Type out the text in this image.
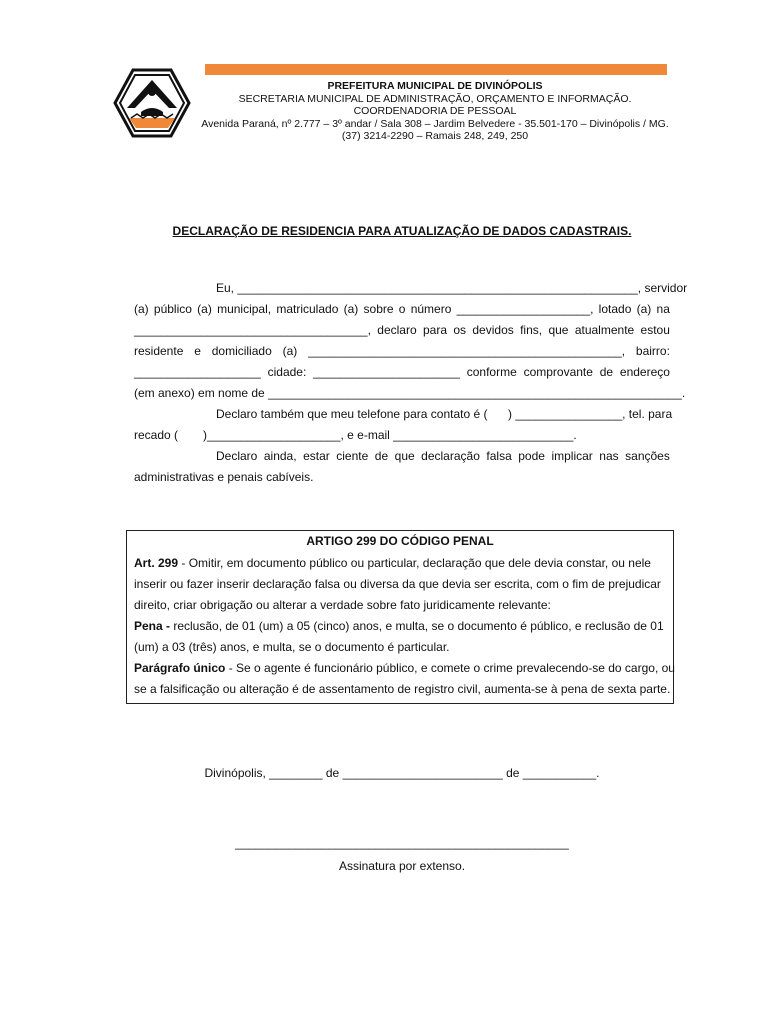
PREFEITURA MUNICIPAL DE DIVINÓPOLIS
SECRETARIA MUNICIPAL DE ADMINISTRAÇÃO, ORÇAMENTO E INFORMAÇÃO.
COORDENADORIA DE PESSOAL
Avenida Paraná, nº 2.777 – 3º andar / Sala 308 – Jardim Belvedere - 35.501-170 – Divinópolis / MG.
(37) 3214-2290 – Ramais 248, 249, 250
DECLARAÇÃO DE RESIDENCIA PARA ATUALIZAÇÃO DE DADOS CADASTRAIS.
Eu, ____________________________________________________________, servidor
(a) público (a) municipal, matriculado (a) sobre o número ____________________, lotado (a) na
___________________________________, declaro para os devidos fins, que atualmente estou
residente e domiciliado (a) _______________________________________________, bairro:
___________________ cidade: ______________________ conforme comprovante de endereço
(em anexo) em nome de ______________________________________________________________.
Declaro também que meu telefone para contato é ( ) ________________, tel. para
recado ( )____________________, e e-mail ___________________________.
Declaro ainda, estar ciente de que declaração falsa pode implicar nas sanções
administrativas e penais cabíveis.
ARTIGO 299 DO CÓDIGO PENAL
Art. 299 - Omitir, em documento público ou particular, declaração que dele devia constar, ou nele
inserir ou fazer inserir declaração falsa ou diversa da que devia ser escrita, com o fim de prejudicar
direito, criar obrigação ou alterar a verdade sobre fato juridicamente relevante:
Pena - reclusão, de 01 (um) a 05 (cinco) anos, e multa, se o documento é público, e reclusão de 01
(um) a 03 (três) anos, e multa, se o documento é particular.
Parágrafo único - Se o agente é funcionário público, e comete o crime prevalecendo-se do cargo, ou
se a falsificação ou alteração é de assentamento de registro civil, aumenta-se à pena de sexta parte.
Divinópolis, ________ de ________________________ de ___________.
__________________________________________________
Assinatura por extenso.
